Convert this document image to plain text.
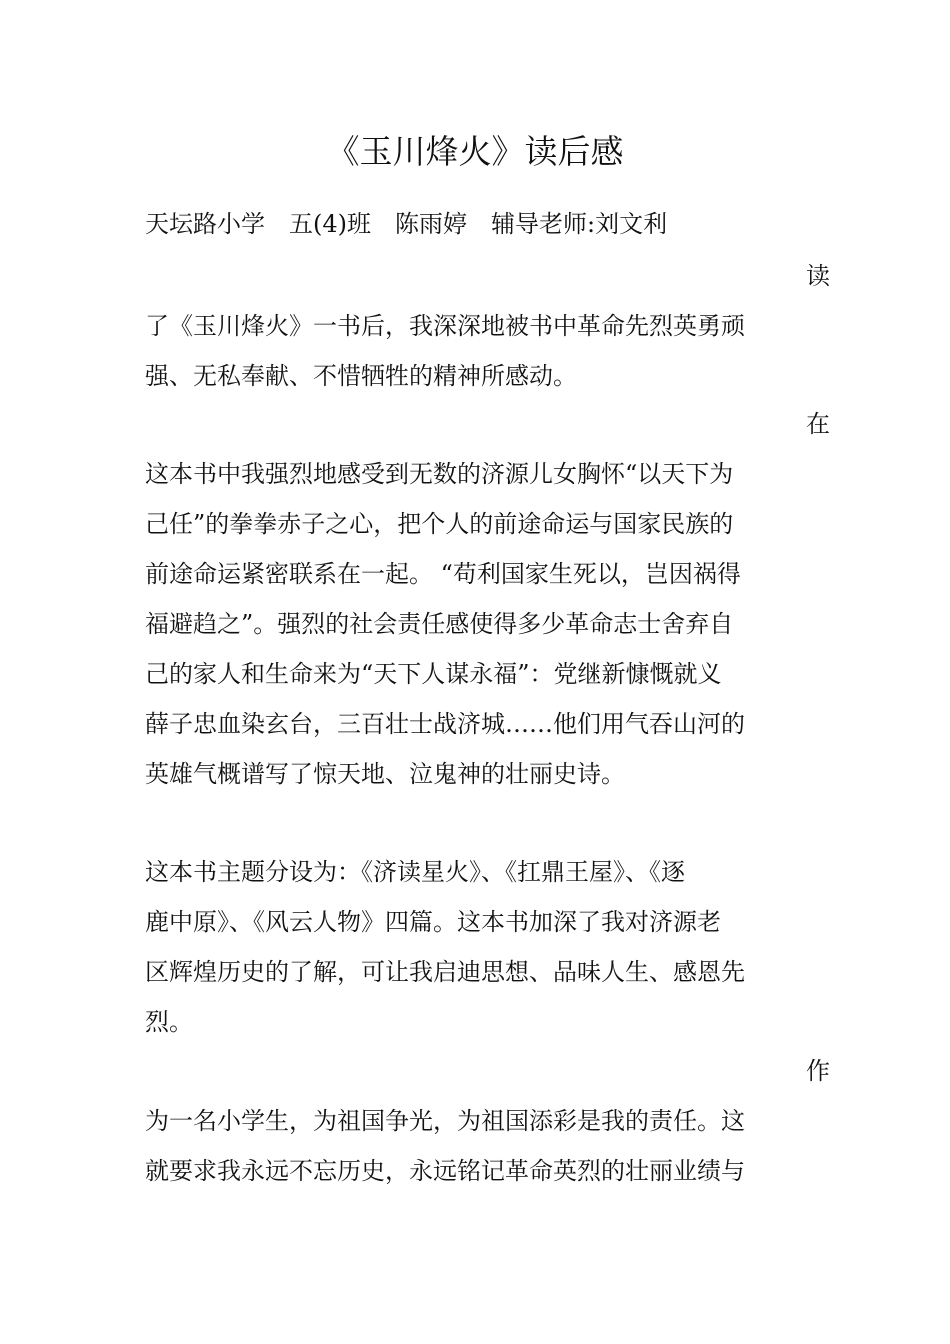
《玉川烽火》读后感
天坛路小学　五(4)班　陈雨婷　辅导老师:刘文利
读
了《玉川烽火》一书后，我深深地被书中革命先烈英勇顽
强、无私奉献、不惜牺牲的精神所感动。
在
这本书中我强烈地感受到无数的济源儿女胸怀“以天下为
己任”的拳拳赤子之心，把个人的前途命运与国家民族的
前途命运紧密联系在一起。 “苟利国家生死以，岂因祸得
福避趋之”。强烈的社会责任感使得多少革命志士舍弃自
己的家人和生命来为“天下人谋永福”：党继新慷慨就义
薛子忠血染玄台，三百壮士战济城……他们用气吞山河的
英雄气概谱写了惊天地、泣鬼神的壮丽史诗。
这本书主题分设为：《济读星火》、《扛鼎王屋》、《逐
鹿中原》、《风云人物》四篇。这本书加深了我对济源老
区辉煌历史的了解，可让我启迪思想、品味人生、感恩先
烈。
作
为一名小学生，为祖国争光，为祖国添彩是我的责任。这
就要求我永远不忘历史，永远铭记革命英烈的壮丽业绩与
